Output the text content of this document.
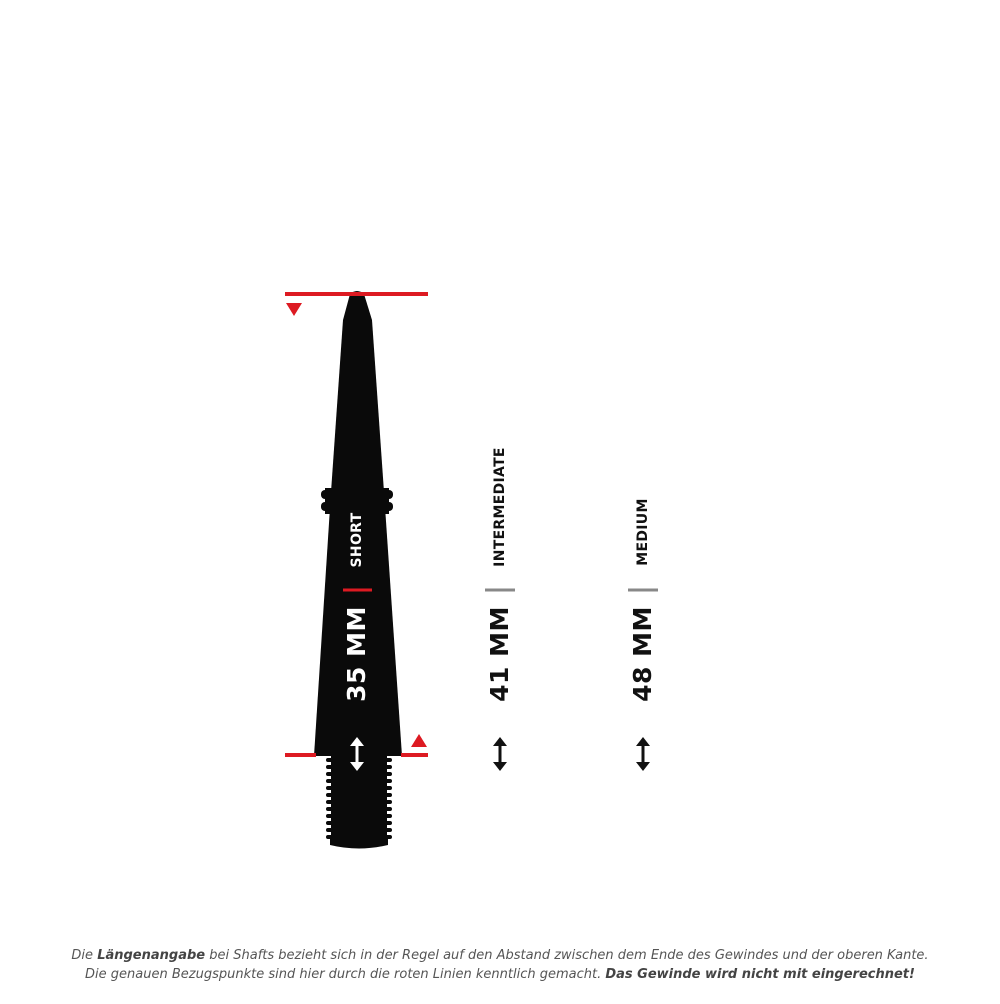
SHORT
35 MM
INTERMEDIATE
41 MM
MEDIUM
48 MM
Die Längenangabe bei Shafts bezieht sich in der Regel auf den Abstand zwischen dem Ende des Gewindes und der oberen Kante.
Die genauen Bezugspunkte sind hier durch die roten Linien kenntlich gemacht. Das Gewinde wird nicht mit eingerechnet!
